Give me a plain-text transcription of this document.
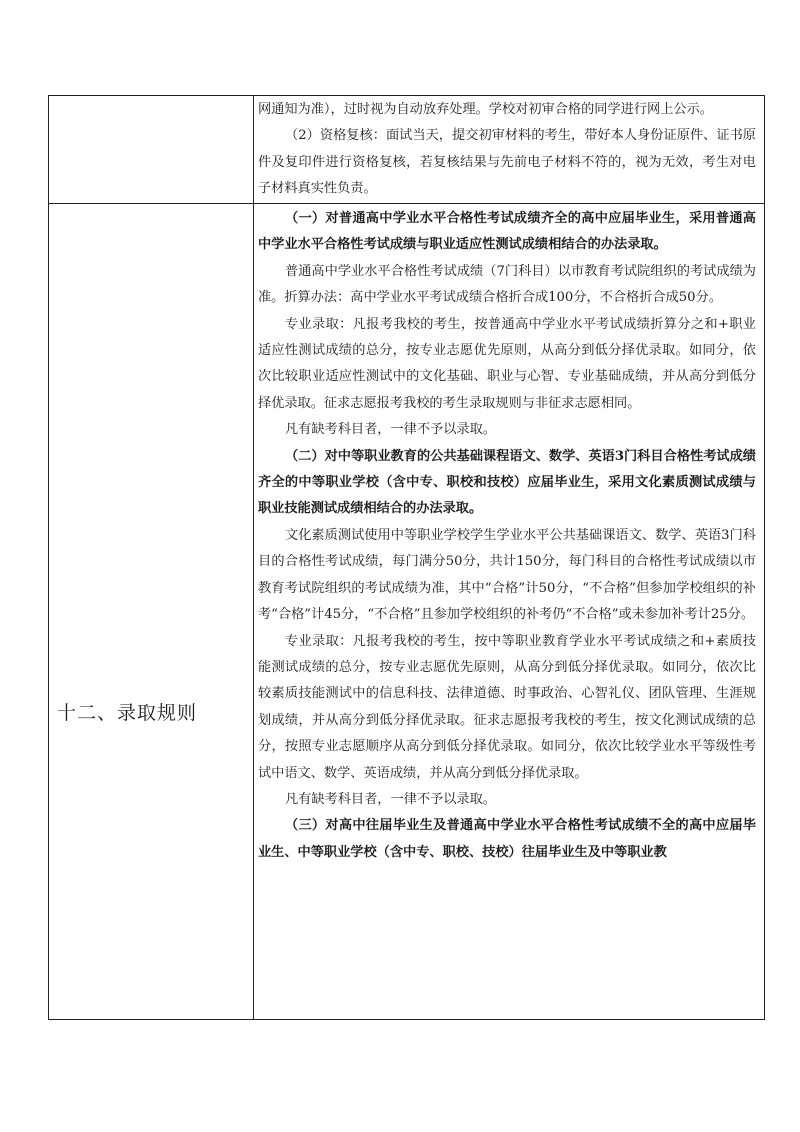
网通知为准），过时视为自动放弃处理。学校对初审合格的同学进行网上公示。

（2）资格复核：面试当天，提交初审材料的考生，带好本人身份证原件、证书原件及复印件进行资格复核，若复核结果与先前电子材料不符的，视为无效，考生对电子材料真实性负责。

十二、录取规则

（一）对普通高中学业水平合格性考试成绩齐全的高中应届毕业生，采用普通高中学业水平合格性考试成绩与职业适应性测试成绩相结合的办法录取。

普通高中学业水平合格性考试成绩（7门科目）以市教育考试院组织的考试成绩为准。折算办法：高中学业水平考试成绩合格折合成100分，不合格折合成50分。

专业录取：凡报考我校的考生，按普通高中学业水平考试成绩折算分之和+职业适应性测试成绩的总分，按专业志愿优先原则，从高分到低分择优录取。如同分，依次比较职业适应性测试中的文化基础、职业与心智、专业基础成绩，并从高分到低分择优录取。征求志愿报考我校的考生录取规则与非征求志愿相同。

凡有缺考科目者，一律不予以录取。

（二）对中等职业教育的公共基础课程语文、数学、英语3门科目合格性考试成绩齐全的中等职业学校（含中专、职校和技校）应届毕业生，采用文化素质测试成绩与职业技能测试成绩相结合的办法录取。

文化素质测试使用中等职业学校学生学业水平公共基础课语文、数学、英语3门科目的合格性考试成绩，每门满分50分，共计150分，每门科目的合格性考试成绩以市教育考试院组织的考试成绩为准，其中“合格”计50分，“不合格”但参加学校组织的补考“合格”计45分，“不合格”且参加学校组织的补考仍“不合格”或未参加补考计25分。

专业录取：凡报考我校的考生，按中等职业教育学业水平考试成绩之和+素质技能测试成绩的总分，按专业志愿优先原则，从高分到低分择优录取。如同分，依次比较素质技能测试中的信息科技、法律道德、时事政治、心智礼仪、团队管理、生涯规划成绩，并从高分到低分择优录取。征求志愿报考我校的考生，按文化测试成绩的总分，按照专业志愿顺序从高分到低分择优录取。如同分，依次比较学业水平等级性考试中语文、数学、英语成绩，并从高分到低分择优录取。

凡有缺考科目者，一律不予以录取。

（三）对高中往届毕业生及普通高中学业水平合格性考试成绩不全的高中应届毕业生、中等职业学校（含中专、职校、技校）往届毕业生及中等职业教
